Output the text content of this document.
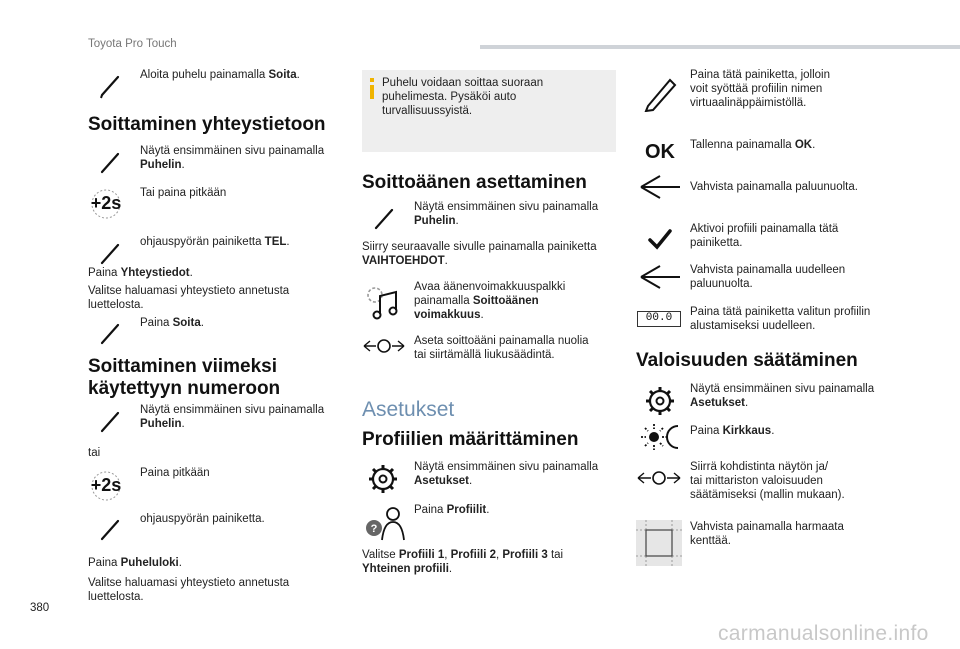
Toyota Pro Touch
Aloita puhelu painamalla Soita.
Soittaminen yhteystietoon
Näytä ensimmäinen sivu painamalla
Puhelin.
+2s	Tai paina pitkään
ohjauspyörän painiketta TEL.
Paina Yhteystiedot.
Valitse haluamasi yhteystieto annetusta
luettelosta.
Paina Soita.
Soittaminen viimeksi
käytettyyn numeroon
Näytä ensimmäinen sivu painamalla
Puhelin.
tai
+2s
Paina pitkään
ohjauspyörän painiketta.
Paina Puheluloki.
Valitse haluamasi yhteystieto annetusta
luettelosta.
Puhelu voidaan soittaa suoraan
puhelimesta. Pysäköi auto
turvallisuussyistä.
Soittoäänen asettaminen
Näytä ensimmäinen sivu painamalla
Puhelin.
Siirry seuraavalle sivulle painamalla painiketta
VAIHTOEHDOT.
Avaa äänenvoimakkuuspalkki
painamalla Soittoäänen
voimakkuus.
Aseta soittoääni painamalla nuolia
tai siirtämällä liukusäädintä.
Asetukset
Profiilien määrittäminen
Näytä ensimmäinen sivu painamalla
Asetukset.
?
Paina Profiilit.
Valitse Profiili 1, Profiili 2, Profiili 3 tai
Yhteinen profiili.
Paina tätä painiketta, jolloin
voit syöttää profiilin nimen
virtuaalinäppäimistöllä.
OK Tallenna painamalla OK.
Vahvista painamalla paluunuolta.
Aktivoi profiili painamalla tätä
painiketta.
Vahvista painamalla uudelleen
paluunuolta.
00.0	Paina tätä painiketta valitun profiilin
alustamiseksi uudelleen.
Valoisuuden säätäminen
Näytä ensimmäinen sivu painamalla
Asetukset.
Paina Kirkkaus.
Siirrä kohdistinta näytön ja/
tai mittariston valoisuuden
säätämiseksi (mallin mukaan).
Vahvista painamalla harmaata
kenttää.
380
carmanualsonline.info
